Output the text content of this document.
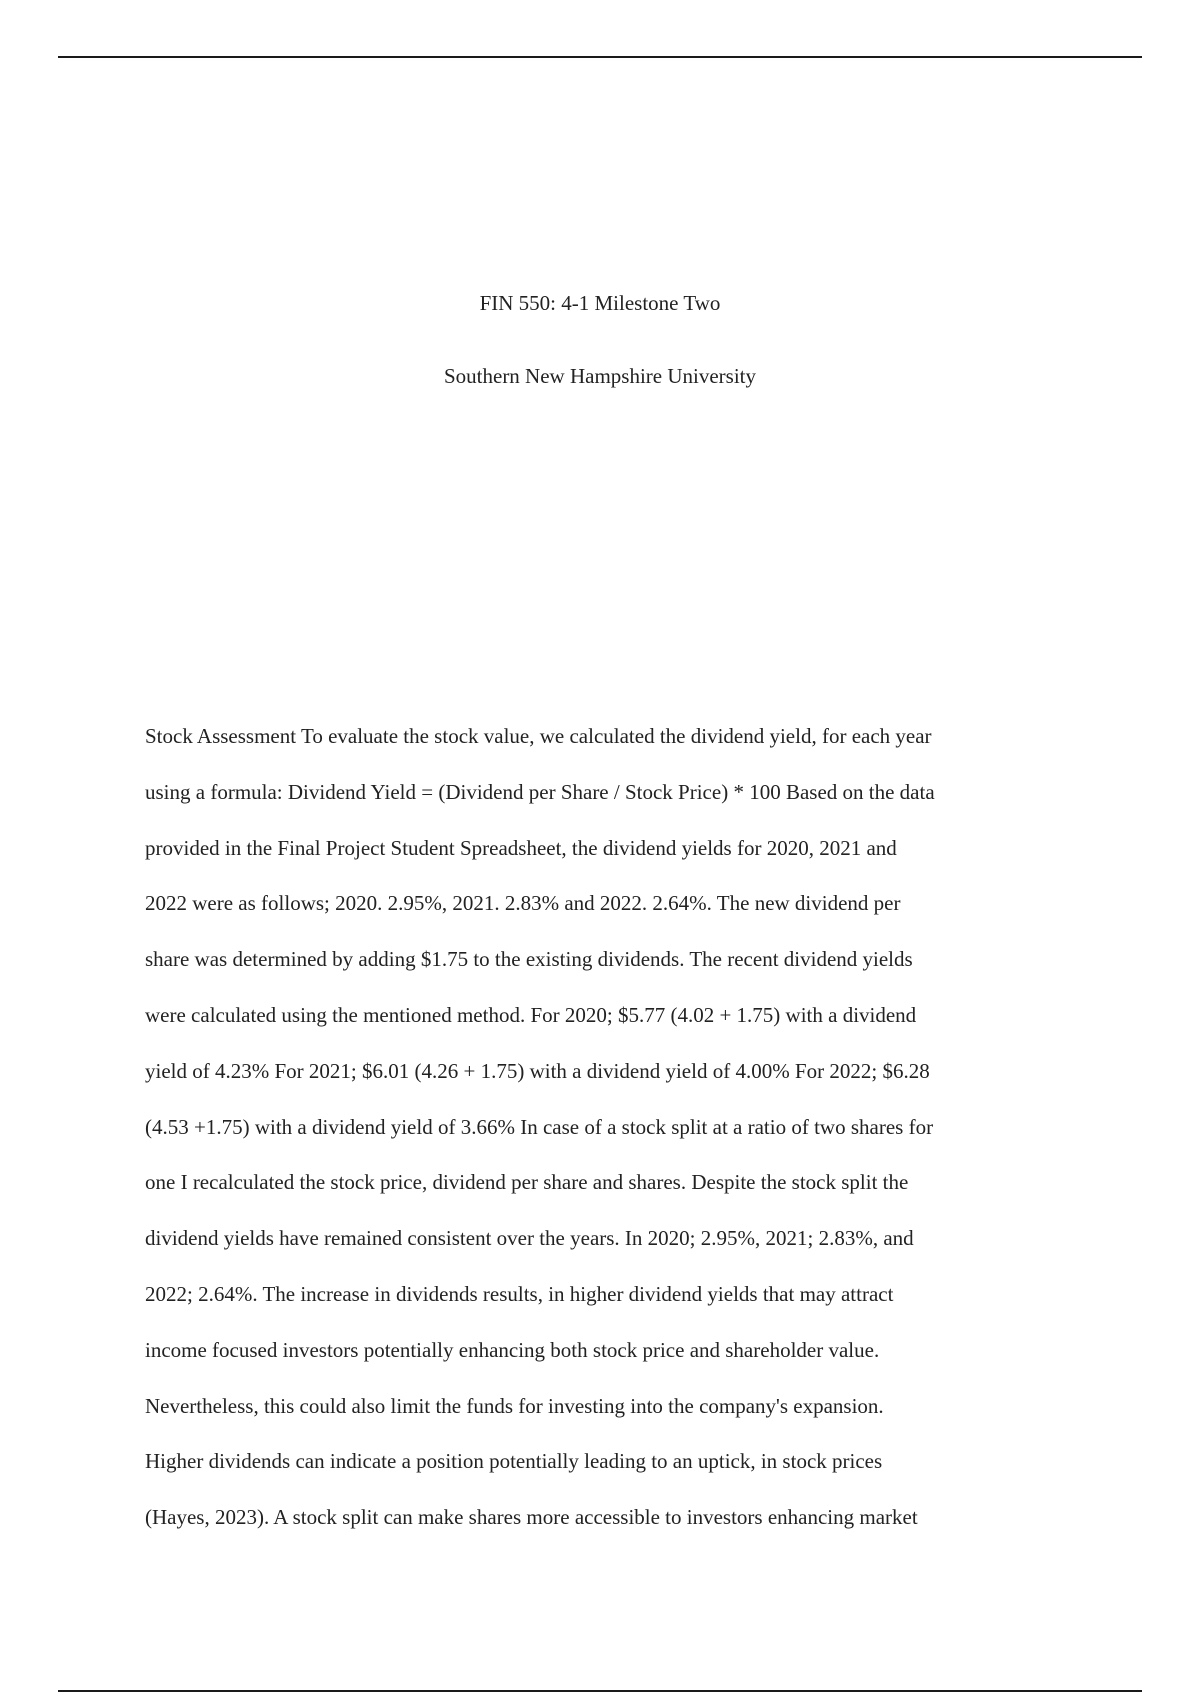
FIN 550: 4-1 Milestone Two
Southern New Hampshire University
Stock Assessment To evaluate the stock value, we calculated the dividend yield, for each year
using a formula: Dividend Yield = (Dividend per Share / Stock Price) * 100 Based on the data
provided in the Final Project Student Spreadsheet, the dividend yields for 2020, 2021 and
2022 were as follows; 2020. 2.95%, 2021. 2.83% and 2022. 2.64%. The new dividend per
share was determined by adding $1.75 to the existing dividends. The recent dividend yields
were calculated using the mentioned method. For 2020; $5.77 (4.02 + 1.75) with a dividend
yield of 4.23% For 2021; $6.01 (4.26 + 1.75) with a dividend yield of 4.00% For 2022; $6.28
(4.53 +1.75) with a dividend yield of 3.66% In case of a stock split at a ratio of two shares for
one I recalculated the stock price, dividend per share and shares. Despite the stock split the
dividend yields have remained consistent over the years. In 2020; 2.95%, 2021; 2.83%, and
2022; 2.64%. The increase in dividends results, in higher dividend yields that may attract
income focused investors potentially enhancing both stock price and shareholder value.
Nevertheless, this could also limit the funds for investing into the company's expansion.
Higher dividends can indicate a position potentially leading to an uptick, in stock prices
(Hayes, 2023). A stock split can make shares more accessible to investors enhancing market
